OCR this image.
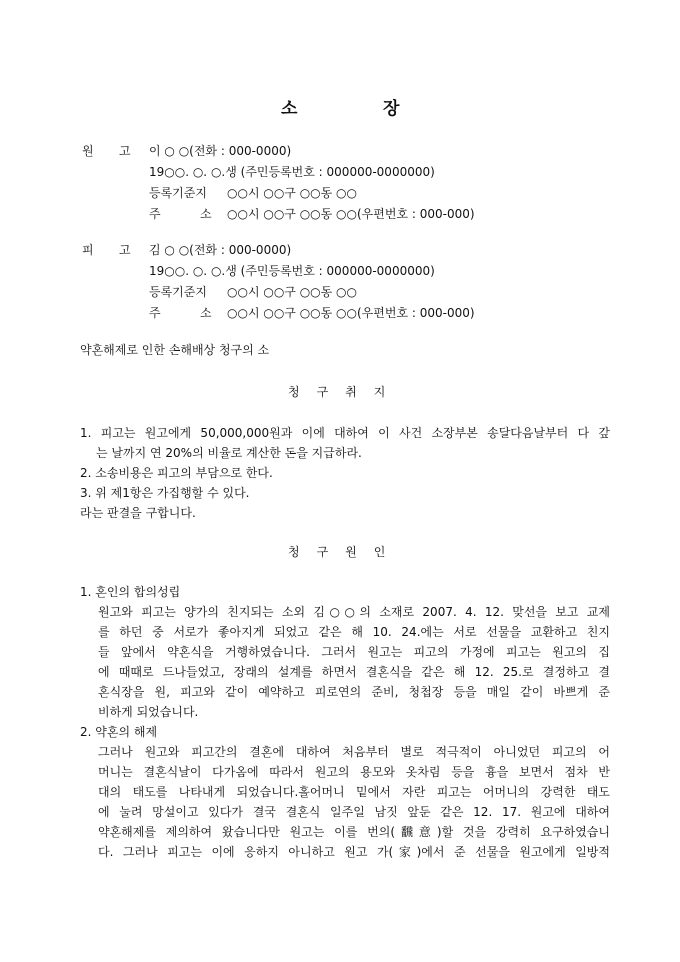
소	장
원 고 이 ○ ○(전화 : 000-0000)
19○○. ○. ○.생 (주민등록번호 : 000000-0000000)
등록기준지 ○○시 ○○구 ○○동 ○○
주	소 ○○시 ○○구 ○○동 ○○(우편번호 : 000-000)
피 고 김 ○ ○(전화 : 000-0000)
19○○. ○. ○.생 (주민등록번호 : 000000-0000000)
등록기준지 ○○시 ○○구 ○○동 ○○
주	소 ○○시 ○○구 ○○동 ○○(우편번호 : 000-000)
약혼해제로 인한 손해배상 청구의 소
청 구 취 지
1. 피고는 원고에게 50,000,000원과 이에 대하여 이 사건 소장부본 송달다음날부터 다 갚
는 날까지 연 20%의 비율로 계산한 돈을 지급하라.
2. 소송비용은 피고의 부담으로 한다.
3. 위 제1항은 가집행할 수 있다.
라는 판결을 구합니다.
청 구 원 인
1. 혼인의 합의성립
원고와 피고는 양가의 친지되는 소외 김○○의 소재로 2007. 4. 12. 맞선을 보고 교제
를 하던 중 서로가 좋아지게 되었고 같은 해 10. 24.에는 서로 선물을 교환하고 친지
들 앞에서 약혼식을 거행하였습니다. 그러서 원고는 피고의 가정에 피고는 원고의 집
에 때때로 드나들었고, 장래의 설계를 하면서 결혼식을 같은 해 12. 25.로 결정하고 결
혼식장을 원, 피고와 같이 예약하고 피로연의 준비, 청첩장 등을 매일 같이 바쁘게 준
비하게 되었습니다.
2. 약혼의 해제
그러나 원고와 피고간의 결혼에 대하여 처음부터 별로 적극적이 아니었던 피고의 어
머니는 결혼식날이 다가옴에 따라서 원고의 용모와 옷차림 등을 흉을 보면서 점차 반
대의 태도를 나타내게 되었습니다.홀어머니 밑에서 자란 피고는 어머니의 강력한 태도
에 눌려 망설이고 있다가 결국 결혼식 일주일 남짓 앞둔 같은 12. 17. 원고에 대하여
약혼해제를 제의하여 왔습니다만 원고는 이를 번의(飜意)할 것을 강력히 요구하였습니
다. 그러나 피고는 이에 응하지 아니하고 원고 가(家)에서 준 선물을 원고에게 일방적
